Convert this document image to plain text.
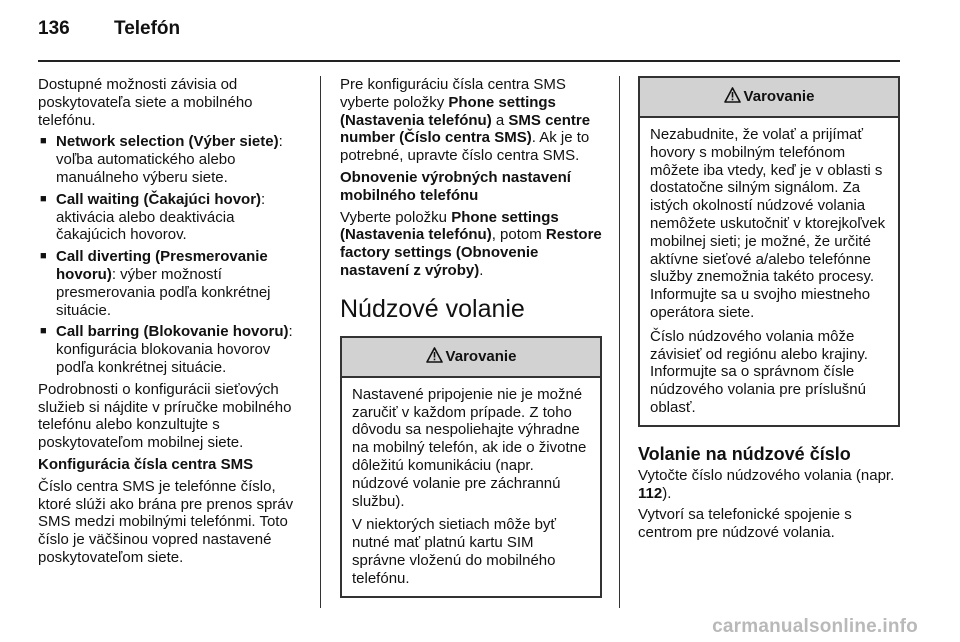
136 Telefón

Dostupné možnosti závisia od poskytovateľa siete a mobilného telefónu.

■ Network selection (Výber siete): voľba automatického alebo manuálneho výberu siete.
■ Call waiting (Čakajúci hovor): aktivácia alebo deaktivácia čakajúcich hovorov.
■ Call diverting (Presmerovanie hovoru): výber možností presmerovania podľa konkrétnej situácie.
■ Call barring (Blokovanie hovoru): konfigurácia blokovania hovorov podľa konkrétnej situácie.

Podrobnosti o konfigurácii sieťových služieb si nájdite v príručke mobilného telefónu alebo konzultujte s poskytovateľom mobilnej siete.

Konfigurácia čísla centra SMS

Číslo centra SMS je telefónne číslo, ktoré slúži ako brána pre prenos správ SMS medzi mobilnými telefónmi. Toto číslo je väčšinou vopred nastavené poskytovateľom siete.

Pre konfiguráciu čísla centra SMS vyberte položky Phone settings (Nastavenia telefónu) a SMS centre number (Číslo centra SMS). Ak je to potrebné, upravte číslo centra SMS.

Obnovenie výrobných nastavení mobilného telefónu

Vyberte položku Phone settings (Nastavenia telefónu), potom Restore factory settings (Obnovenie nastavení z výroby).

Núdzové volanie
Varovanie

Nastavené pripojenie nie je možné zaručiť v každom prípade. Z toho dôvodu sa nespoliehajte výhradne na mobilný telefón, ak ide o životne dôležitú komunikáciu (napr. núdzové volanie pre záchrannú službu).

V niektorých sietiach môže byť nutné mať platnú kartu SIM správne vloženú do mobilného telefónu.

Varovanie

Nezabudnite, že volať a prijímať hovory s mobilným telefónom môžete iba vtedy, keď je v oblasti s dostatočne silným signálom. Za istých okolností núdzové volania nemôžete uskutočniť v ktorejkoľvek mobilnej sieti; je možné, že určité aktívne sieťové a/alebo telefónne služby znemožnia takéto procesy. Informujte sa u svojho miestneho operátora siete.

Číslo núdzového volania môže závisieť od regiónu alebo krajiny. Informujte sa o správnom čísle núdzového volania pre príslušnú oblasť.

Volanie na núdzové číslo

Vytočte číslo núdzového volania (napr. 112).

Vytvorí sa telefonické spojenie s centrom pre núdzové volania.

carmanualsonline.info
